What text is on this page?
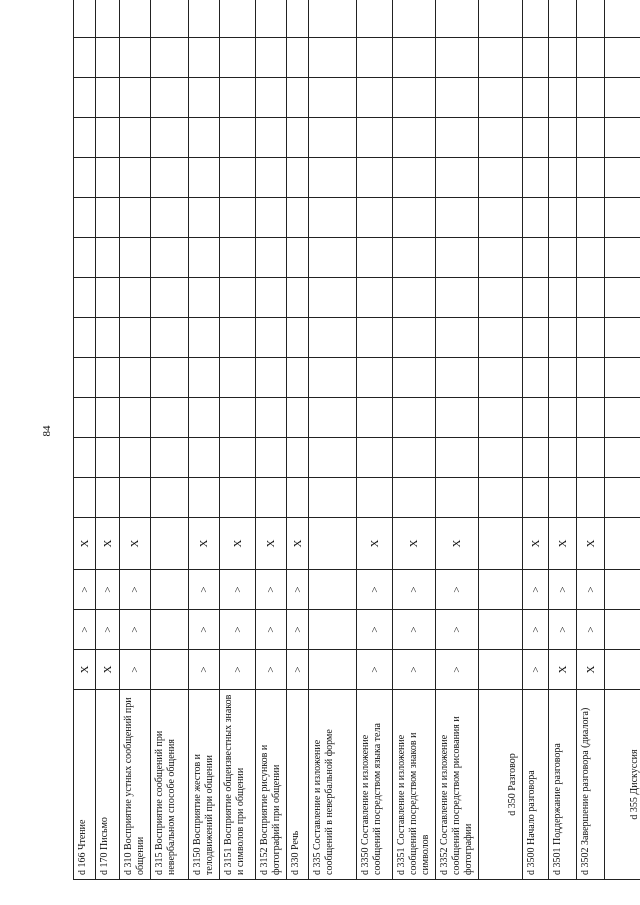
84
d 166 Чтение	X	>	>	X														
d 170 Письмо	X	>	>	X														
d 310 Восприятие устных сообщений при общении	>	>	>	X														
d 315 Восприятие сообщений при невербальном способе общения																		
d 3150 Восприятие жестов и телодвижений при общении	>	>	>	X														
d 3151 Восприятие общеизвестных знаков и символов при общении	>	>	>	X														
d 3152 Восприятие рисунков и фотографий при общении	>	>	>	X														
d 330 Речь	>	>	>	X														
d 335 Составление и изложение сообщений в невербальной форме																		
d 3350 Составление и изложение сообщений посредством языка тела	>	>	>	X														
d 3351 Составление и изложение сообщений посредством знаков и символов	>	>	>	X														
d 3352 Составление и изложение сообщений посредством рисования и фотографии	>	>	>	X														
d 350 Разговор																		
d 3500 Начало разговора	>	>	>	X														
d 3501 Поддержание разговора	X	>	>	X														
d 3502 Завершение разговора (диалога)	X	>	>	X														
d 355 Дискуссия																		
